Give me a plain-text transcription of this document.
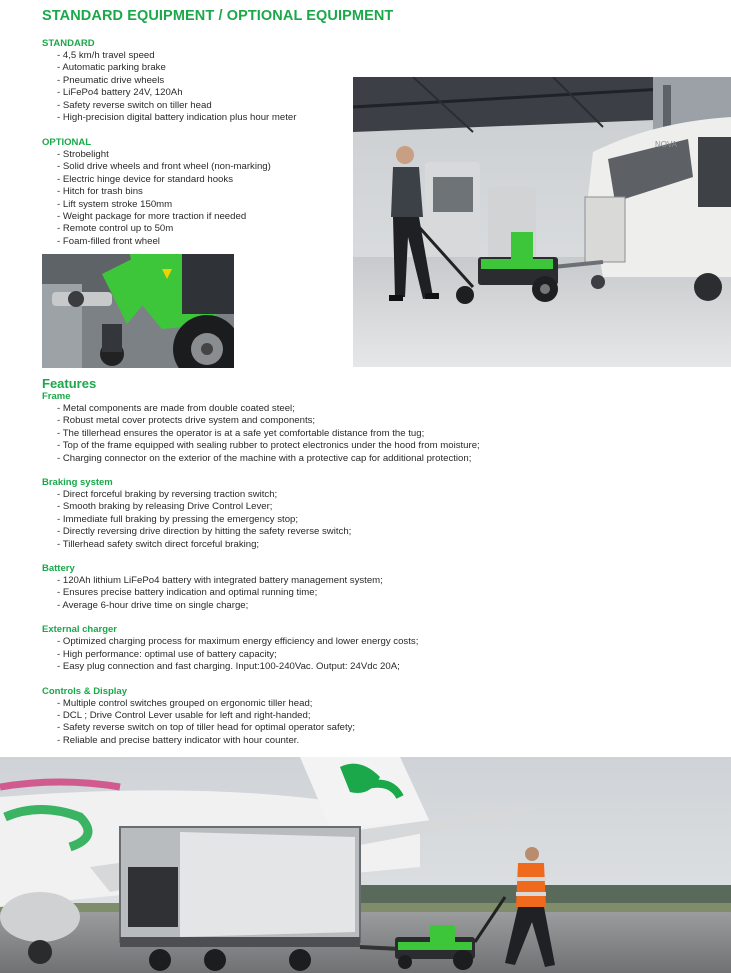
STANDARD EQUIPMENT / OPTIONAL EQUIPMENT
STANDARD
- 4,5 km/h travel speed
- Automatic parking brake
- Pneumatic drive wheels
- LiFePo4 battery 24V, 120Ah
- Safety reverse switch on tiller head
- High-precision digital battery indication plus hour meter
OPTIONAL
- Strobelight
- Solid drive wheels and front wheel (non-marking)
- Electric hinge device for standard hooks
- Hitch for trash bins
- Lift system stroke 150mm
- Weight package for more traction if needed
- Remote control up to 50m
- Foam-filled front wheel
NOVA
Features
Frame
- Metal components are made from double coated steel;
- Robust metal cover protects drive system and components;
- The tillerhead ensures the operator is at a safe yet comfortable distance from the tug;
- Top of the frame equipped with sealing rubber to protect electronics under the hood from moisture;
- Charging connector on the exterior of the machine with a protective cap for additional protection;
Braking system
- Direct forceful braking by reversing traction switch;
- Smooth braking by releasing Drive Control Lever;
- Immediate full braking by pressing the emergency stop;
- Directly reversing drive direction by hitting the safety reverse switch;
- Tillerhead safety switch direct forceful braking;
Battery
- 120Ah lithium LiFePo4 battery with integrated battery management system;
- Ensures precise battery indication and optimal running time;
- Average 6-hour drive time on single charge;
External charger
- Optimized charging process for maximum energy efficiency and lower energy costs;
- High performance: optimal use of battery capacity;
- Easy plug connection and fast charging. Input:100-240Vac. Output: 24Vdc 20A;
Controls & Display
- Multiple control switches grouped on ergonomic tiller head;
- DCL ; Drive Control Lever usable for left and right-handed;
- Safety reverse switch on top of tiller head for optimal operator safety;
- Reliable and precise battery indicator with hour counter.
